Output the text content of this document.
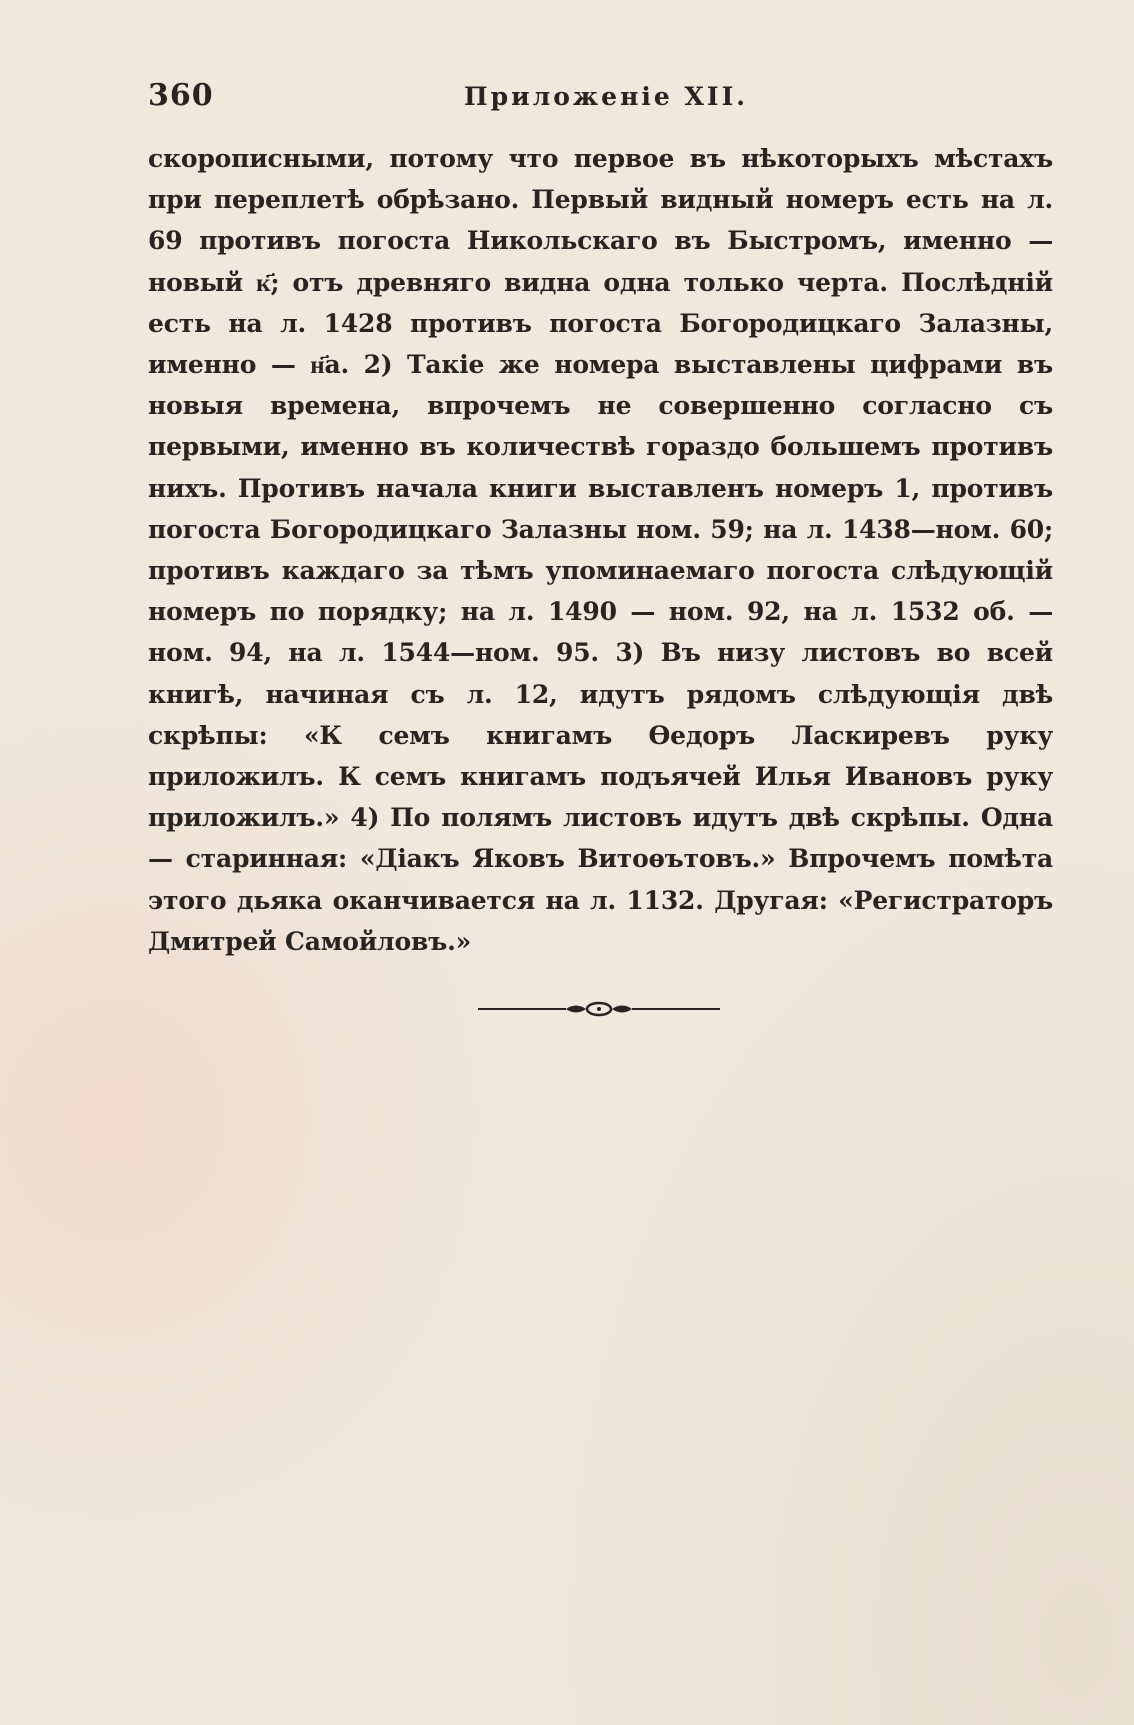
360	Приложенiе XII.

скорописными, потому что первое въ нѣкоторыхъ мѣстахъ при переплетѣ обрѣзано. Первый видный номеръ есть на л. 69 противъ погоста Никольскаго въ Быстромъ, именно — новый к҃; отъ древняго видна одна только черта. Послѣднiй есть на л. 1428 противъ погоста Богородицкаго Залазны, именно — н҃а. 2) Такiе же номера выставлены цифрами въ новыя времена, впрочемъ не совершенно согласно съ первыми, именно въ количествѣ гораздо большемъ противъ нихъ. Противъ начала книги выставленъ номеръ 1, противъ погоста Богородицкаго Залазны ном. 59; на л. 1438—ном. 60; противъ каждаго за тѣмъ упоминаемаго погоста слѣдующiй номеръ по порядку; на л. 1490 — ном. 92, на л. 1532 об. — ном. 94, на л. 1544—ном. 95. 3) Въ низу листовъ во всей книгѣ, начиная съ л. 12, идутъ рядомъ слѣдующiя двѣ скрѣпы: «К семъ книгамъ Ѳедоръ Ласкиревъ руку приложилъ. К семъ книгамъ подъячей Илья Ивановъ руку приложилъ.» 4) По полямъ листовъ идутъ двѣ скрѣпы. Одна — старинная: «Дiакъ Яковъ Витоѳътовъ.» Впрочемъ помѣта этого дьяка оканчивается на л. 1132. Другая: «Регистраторъ Дмитрей Самойловъ.»
